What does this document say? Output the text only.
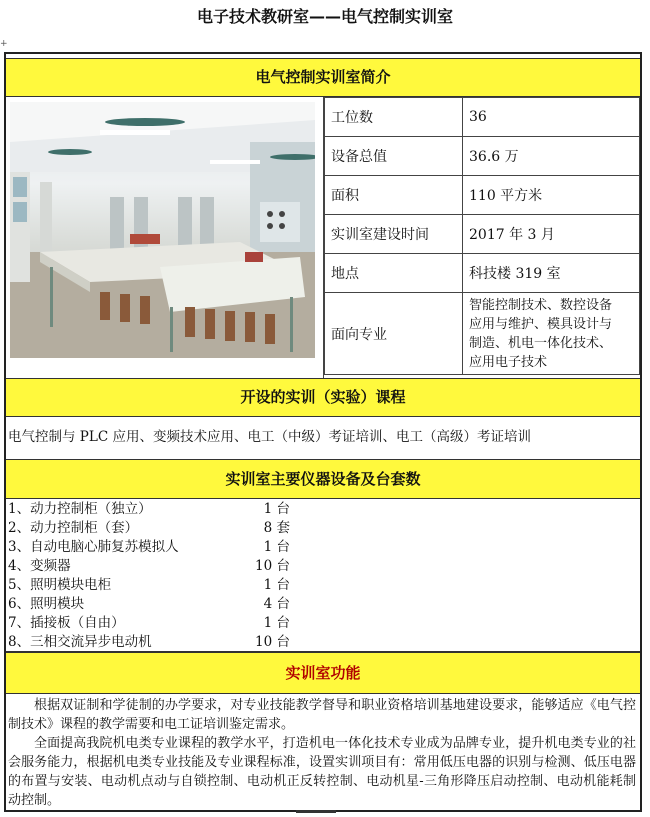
电子技术教研室——电气控制实训室
+
电气控制实训室简介
工位数	36
设备总值	36.6 万
面积	110 平方米
实训室建设时间	2017 年 3 月
地点	科技楼 319 室
面向专业	智能控制技术、数控设备
应用与维护、模具设计与
制造、机电一体化技术、
应用电子技术
开设的实训（实验）课程
电气控制与 PLC 应用、变频技术应用、电工（中级）考证培训、电工（高级）考证培训
实训室主要仪器设备及台套数
1、动力控制柜（独立）	1 台
2、动力控制柜（套）	8 套
3、自动电脑心肺复苏模拟人	1 台
4、变频器	10 台
5、照明模块电柜	1 台
6、照明模块	4 台
7、插接板（自由）	1 台
8、三相交流异步电动机	10 台
实训室功能

根据双证制和学徒制的办学要求，对专业技能教学督导和职业资格培训基地建设要求，能够适应《电气控制技术》课程的教学需要和电工证培训鉴定需求。

全面提高我院机电类专业课程的教学水平，打造机电一体化技术专业成为品牌专业，提升机电类专业的社会服务能力，根据机电类专业技能及专业课程标准，设置实训项目有：常用低压电器的识别与检测、低压电器的布置与安装、电动机点动与自锁控制、电动机正反转控制、电动机星-三角形降压启动控制、电动机能耗制动控制。
